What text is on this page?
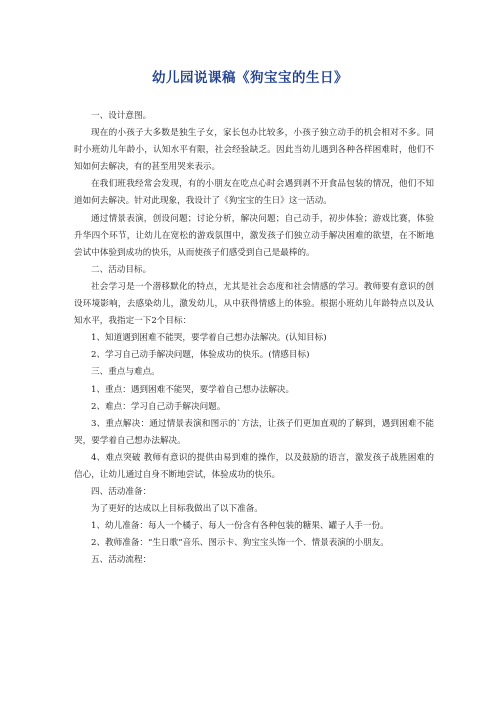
幼儿园说课稿《狗宝宝的生日》

一、设计意图。

现在的小孩子大多数是独生子女，家长包办比较多，小孩子独立动手的机会相对不多。同时小班幼儿年龄小，认知水平有限，社会经验缺乏。因此当幼儿遇到各种各样困难时，他们不知如何去解决，有的甚至用哭来表示。

在我们班我经常会发现，有的小朋友在吃点心时会遇到剥不开食品包装的情况，他们不知道如何去解决。针对此现象，我设计了《狗宝宝的生日》这一活动。

通过情景表演，创设问题；讨论分析，解决问题；自己动手，初步体验；游戏比赛，体验升华四个环节，让幼儿在宽松的游戏氛围中，激发孩子们独立动手解决困难的欲望，在不断地尝试中体验到成功的快乐，从而使孩子们感受到自己是最棒的。

二、活动目标。

社会学习是一个潜移默化的特点，尤其是社会态度和社会情感的学习。教师要有意识的创设环境影响，去感染幼儿，激发幼儿，从中获得情感上的体验。根据小班幼儿年龄特点以及认知水平，我指定一下2个目标：

1、知道遇到困难不能哭，要学着自己想办法解决。(认知目标)

2、学习自己动手解决问题，体验成功的快乐。(情感目标)

三、重点与难点。

1、重点：遇到困难不能哭，要学着自己想办法解决。

2、难点：学习自己动手解决问题。

3、重点解决：通过情景表演和图示的`方法，让孩子们更加直观的了解到，遇到困难不能哭，要学着自己想办法解决。

4、难点突破 教师有意识的提供由易到难的操作，以及鼓励的语言，激发孩子战胜困难的信心，让幼儿通过自身不断地尝试，体验成功的快乐。

四、活动准备：

为了更好的达成以上目标我做出了以下准备。

1、幼儿准备：每人一个橘子、每人一份含有各种包装的糖果、罐子人手一份。

2、教师准备：“生日歌”音乐、图示卡、狗宝宝头饰一个、情景表演的小朋友。

五、活动流程：
